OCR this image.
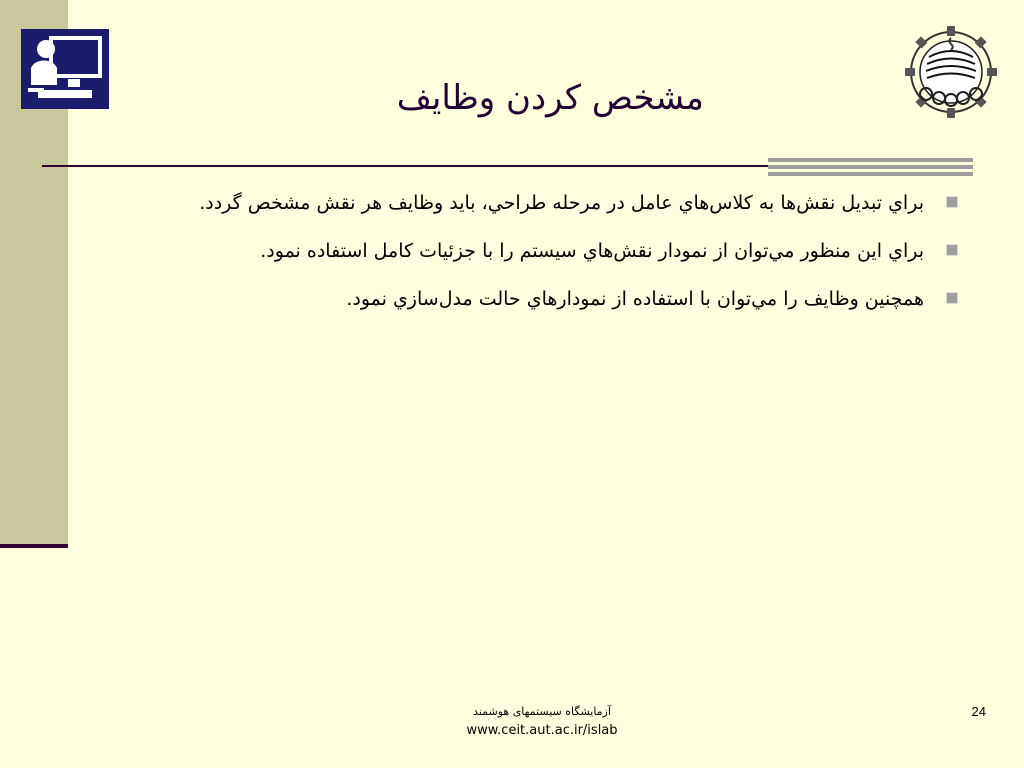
مشخص كردن وظايف
براي تبديل نقش‌ها به كلاس‌هاي عامل در مرحله طراحي، بايد وظايف هر نقش مشخص گردد.
براي اين منظور مي‌توان از نمودار نقش‌هاي سيستم را با جزئيات كامل استفاده نمود.
همچنين وظايف را مي‌توان با استفاده از نمودارهاي حالت مدل‌سازي نمود.
آزمایشگاه سیستمهای هوشمند
www.ceit.aut.ac.ir/islab
24
